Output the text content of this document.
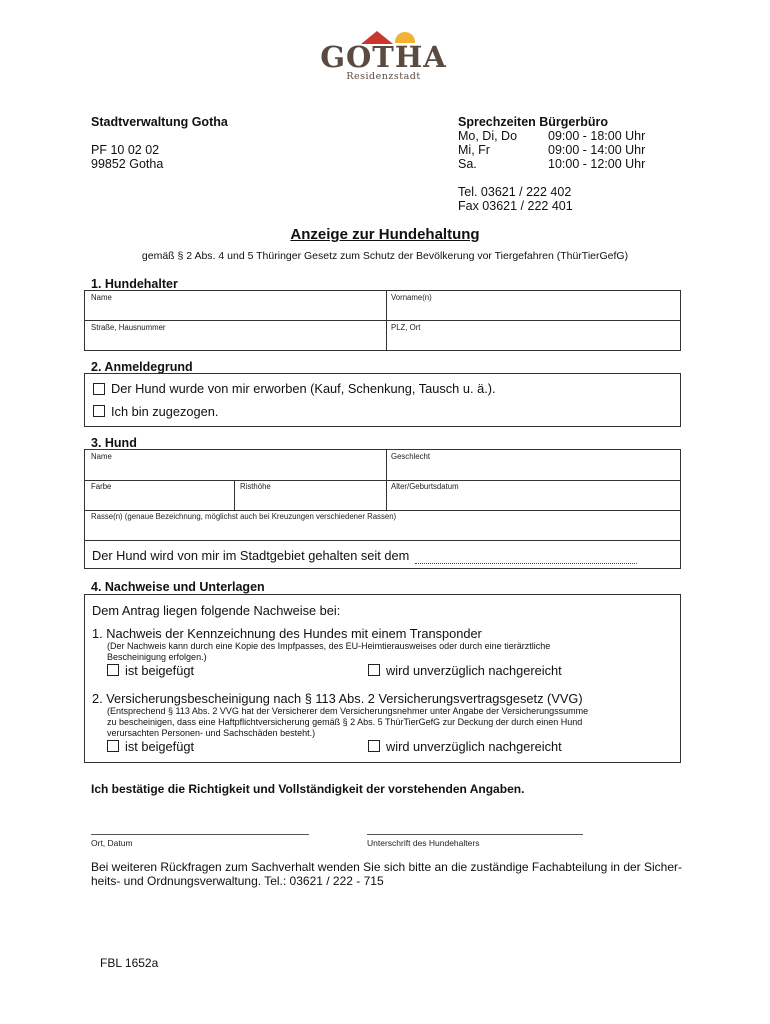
GOTHA
Residenzstadt
Stadtverwaltung Gotha
PF 10 02 02
99852 Gotha
Sprechzeiten Bürgerbüro
Mo, Di, Do 09:00 - 18:00 Uhr
Mi, Fr	09:00 - 14:00 Uhr
Sa.	10:00 - 12:00 Uhr
Tel. 03621 / 222 402
Fax 03621 / 222 401
Anzeige zur Hundehaltung
gemäß § 2 Abs. 4 und 5 Thüringer Gesetz zum Schutz der Bevölkerung vor Tiergefahren (ThürTierGefG)
1. Hundehalter
Name	Vorname(n)
Straße, Hausnummer	PLZ, Ort
2. Anmeldegrund
Der Hund wurde von mir erworben (Kauf, Schenkung, Tausch u. ä.).
Ich bin zugezogen.
3. Hund
Name	Geschlecht
Farbe	Risthöhe	Alter/Geburtsdatum
Rasse(n) (genaue Bezeichnung, möglichst auch bei Kreuzungen verschiedener Rassen)
Der Hund wird von mir im Stadtgebiet gehalten seit dem
4. Nachweise und Unterlagen
Dem Antrag liegen folgende Nachweise bei:
1. Nachweis der Kennzeichnung des Hundes mit einem Transponder
(Der Nachweis kann durch eine Kopie des Impfpasses, des EU-Heimtierausweises oder durch eine tierärztliche
Bescheinigung erfolgen.)
ist beigefügt	wird unverzüglich nachgereicht
2. Versicherungsbescheinigung nach § 113 Abs. 2 Versicherungsvertragsgesetz (VVG)
(Entsprechend § 113 Abs. 2 VVG hat der Versicherer dem Versicherungsnehmer unter Angabe der Versicherungssumme
zu bescheinigen, dass eine Haftpflichtversicherung gemäß § 2 Abs. 5 ThürTierGefG zur Deckung der durch einen Hund
verursachten Personen- und Sachschäden besteht.)
ist beigefügt	wird unverzüglich nachgereicht
Ich bestätige die Richtigkeit und Vollständigkeit der vorstehenden Angaben.
Ort, Datum	Unterschrift des Hundehalters
Bei weiteren Rückfragen zum Sachverhalt wenden Sie sich bitte an die zuständige Fachabteilung in der Sicher-
heits- und Ordnungsverwaltung. Tel.: 03621 / 222 - 715
FBL 1652a
